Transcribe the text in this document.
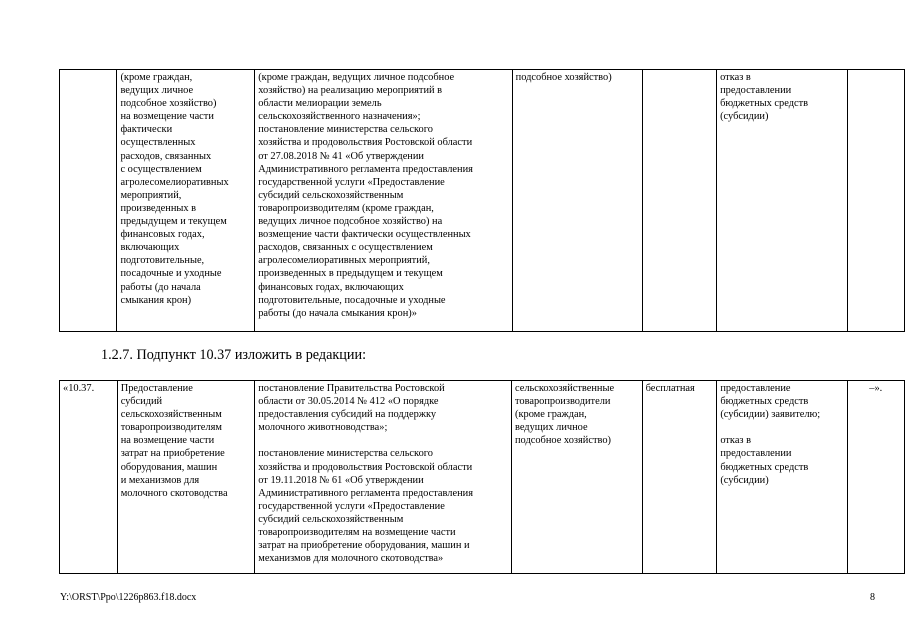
	(кроме граждан,
ведущих личное
подсобное хозяйство)
на возмещение части
фактически
осуществленных
расходов, связанных
с осуществлением
агролесомелиоративных
мероприятий,
произведенных в
предыдущем и текущем
финансовых годах,
включающих
подготовительные,
посадочные и уходные
работы (до начала
смыкания крон)	(кроме граждан, ведущих личное подсобное
хозяйство) на реализацию мероприятий в
области мелиорации земель
сельскохозяйственного назначения»;
постановление министерства сельского
хозяйства и продовольствия Ростовской области
от 27.08.2018 № 41 «Об утверждении
Административного регламента предоставления
государственной услуги «Предоставление
субсидий сельскохозяйственным
товаропроизводителям (кроме граждан,
ведущих личное подсобное хозяйство) на
возмещение части фактически осуществленных
расходов, связанных с осуществлением
агролесомелиоративных мероприятий,
произведенных в предыдущем и текущем
финансовых годах, включающих
подготовительные, посадочные и уходные
работы (до начала смыкания крон)»	подсобное хозяйство)		отказ в
предоставлении
бюджетных средств
(субсидии)	
1.2.7. Подпункт 10.37 изложить в редакции:
«10.37.	Предоставление
субсидий
сельскохозяйственным
товаропроизводителям
на возмещение части
затрат на приобретение
оборудования, машин
и механизмов для
молочного скотоводства	постановление Правительства Ростовской
области от 30.05.2014 № 412 «О порядке
предоставления субсидий на поддержку
молочного животноводства»;

постановление министерства сельского
хозяйства и продовольствия Ростовской области
от 19.11.2018 № 61 «Об утверждении
Административного регламента предоставления
государственной услуги «Предоставление
субсидий сельскохозяйственным
товаропроизводителям на возмещение части
затрат на приобретение оборудования, машин и
механизмов для молочного скотоводства»	сельскохозяйственные
товаропроизводители
(кроме граждан,
ведущих личное
подсобное хозяйство)	бесплатная	предоставление
бюджетных средств
(субсидии) заявителю;

отказ в
предоставлении
бюджетных средств
(субсидии)	–».
Y:\ORST\Ppo\1226p863.f18.docx	8
